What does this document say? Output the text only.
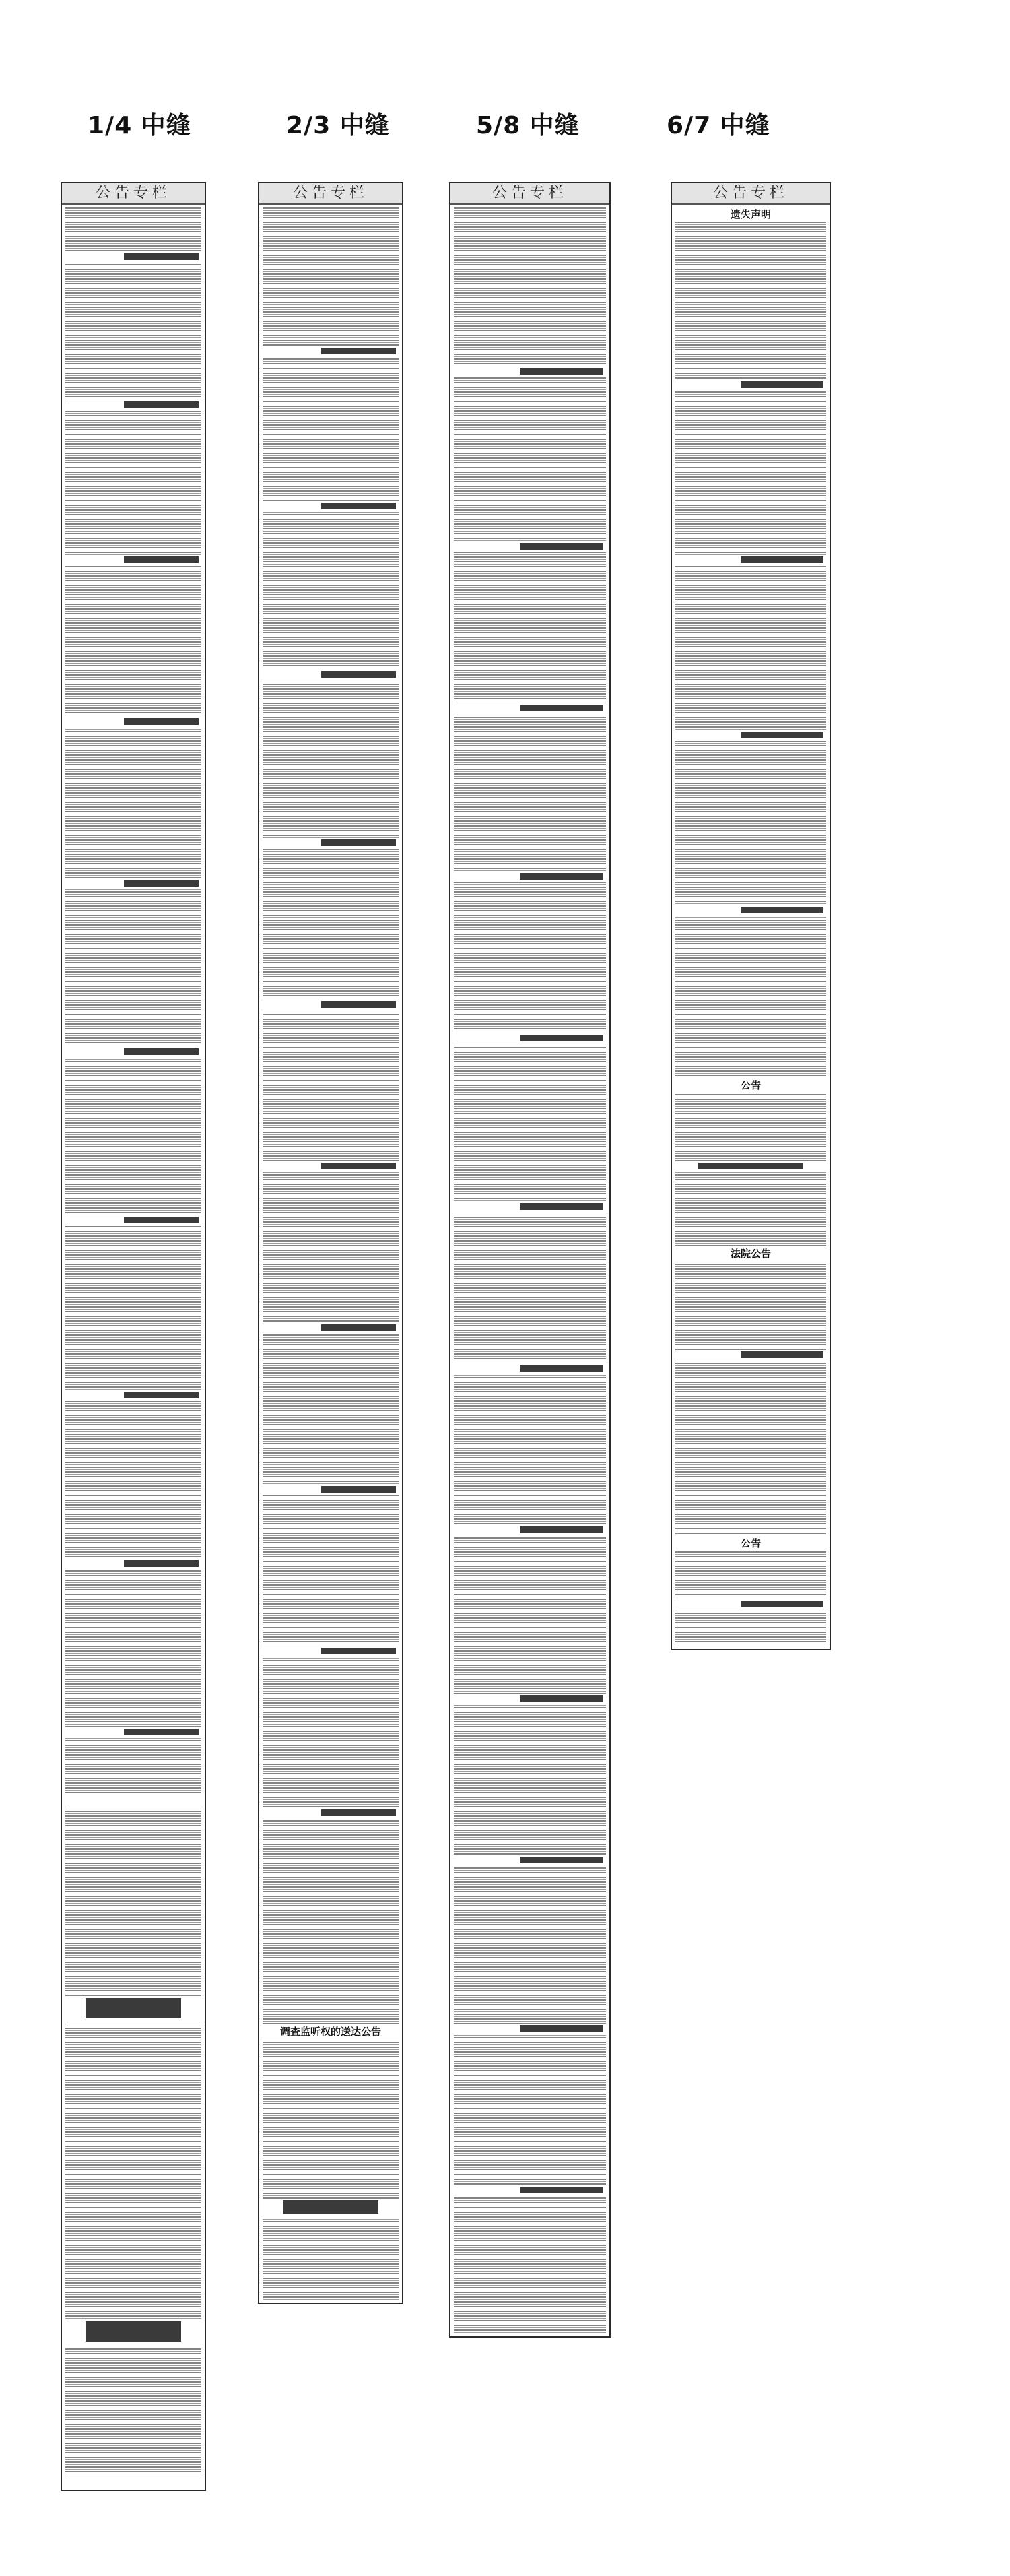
1/4 中缝	2/3 中缝	5/8 中缝	6/7 中缝
公告专栏	公告专栏
调查监听权的送达公告
公告专栏	公告专栏
遗失声明
公告
法院公告
公告
